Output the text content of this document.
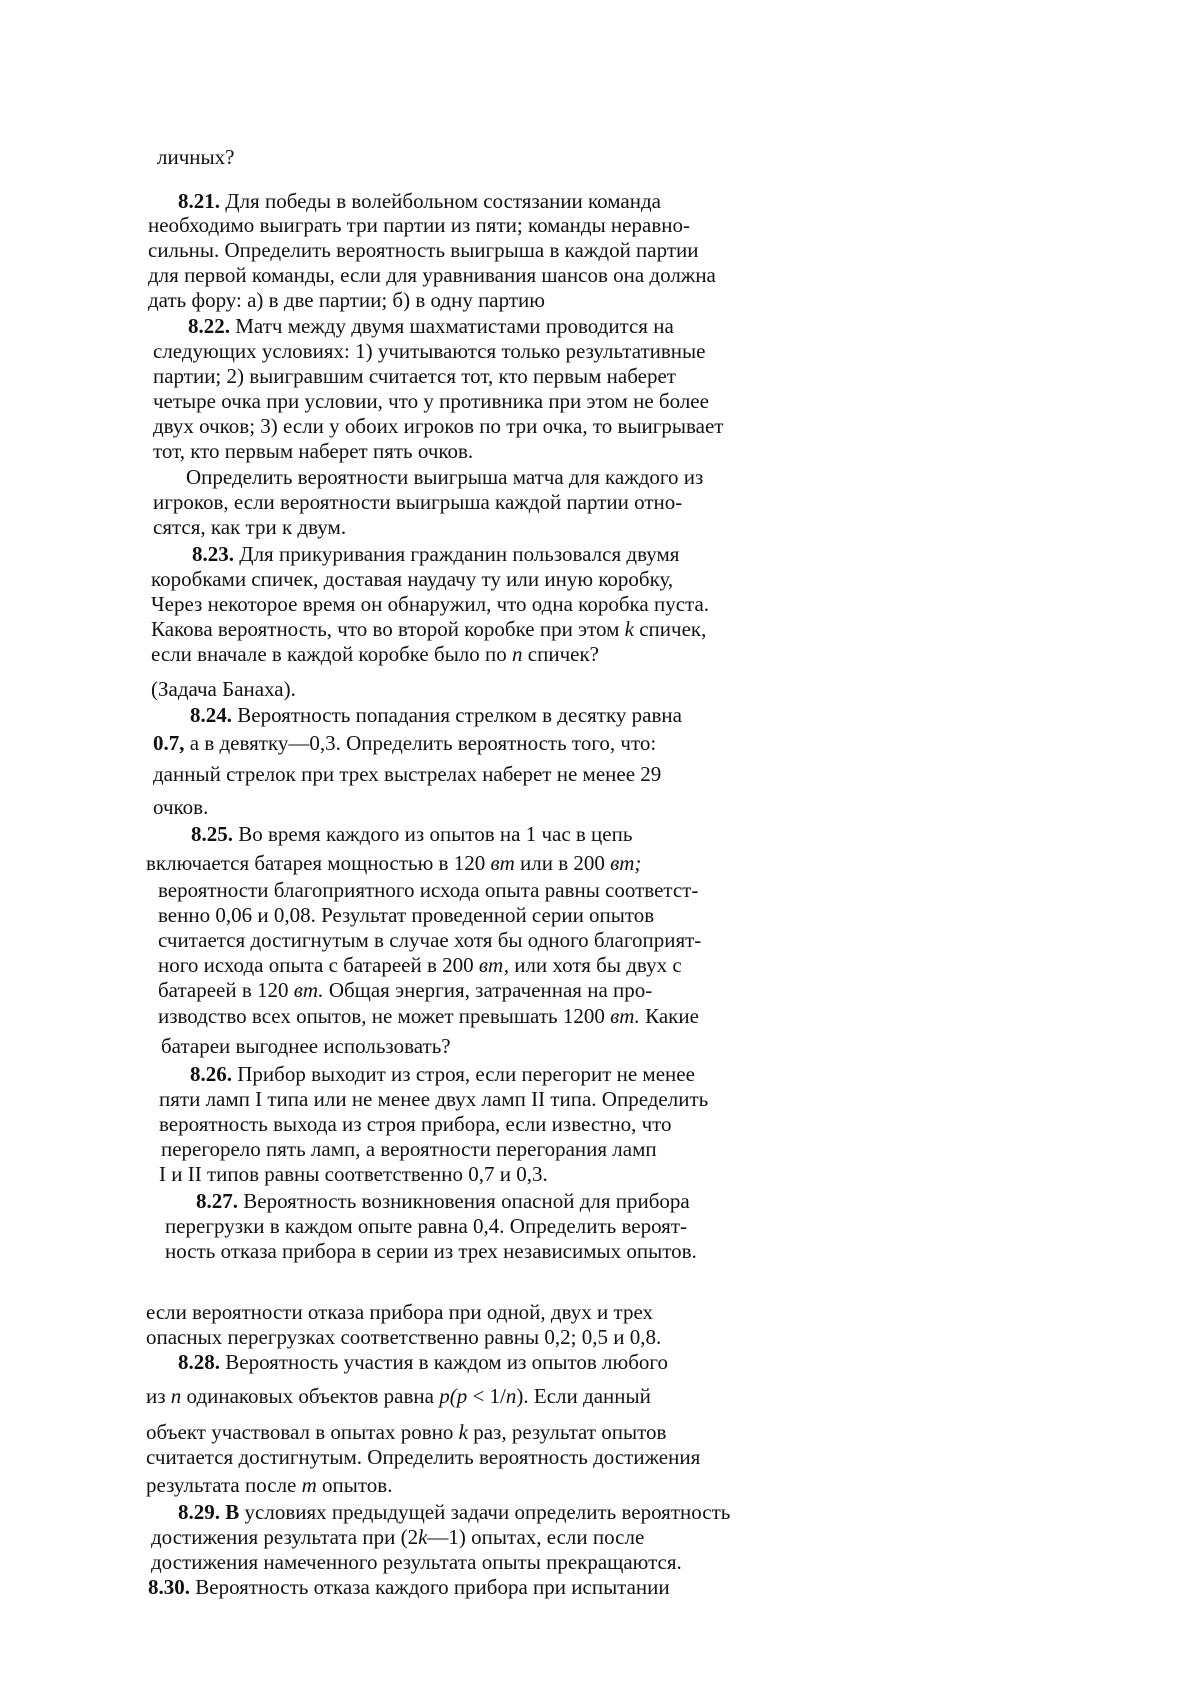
личных?
8.21. Для победы в волейбольном состязании команда
необходимо выиграть три партии из пяти; команды неравно-
сильны. Определить вероятность выигрыша в каждой партии
для первой команды, если для уравнивания шансов она должна
дать фору: а) в две партии; б) в одну партию
8.22. Матч между двумя шахматистами проводится на
следующих условиях: 1) учитываются только результативные
партии; 2) выигравшим считается тот, кто первым наберет
четыре очка при условии, что у противника при этом не более
двух очков; 3) если у обоих игроков по три очка, то выигрывает
тот, кто первым наберет пять очков.
Определить вероятности выигрыша матча для каждого из
игроков, если вероятности выигрыша каждой партии отно-
сятся, как три к двум.
8.23. Для прикуривания гражданин пользовался двумя
коробками спичек, доставая наудачу ту или иную коробку,
Через некоторое время он обнаружил, что одна коробка пуста.
Какова вероятность, что во второй коробке при этом k спичек,
если вначале в каждой коробке было по n спичек?
(Задача Банаха).
8.24. Вероятность попадания стрелком в десятку равна
0.7, а в девятку—0,3. Определить вероятность того, что:
данный стрелок при трех выстрелах наберет не менее 29
очков.
8.25. Во время каждого из опытов на 1 час в цепь
включается батарея мощностью в 120 вт или в 200 вт;
вероятности благоприятного исхода опыта равны соответст-
венно 0,06 и 0,08. Результат проведенной серии опытов
считается достигнутым в случае хотя бы одного благоприят-
ного исхода опыта с батареей в 200 вт, или хотя бы двух с
батареей в 120 вт. Общая энергия, затраченная на про-
изводство всех опытов, не может превышать 1200 вт. Какие
батареи выгоднее использовать?
8.26. Прибор выходит из строя, если перегорит не менее
пяти ламп I типа или не менее двух ламп II типа. Определить
вероятность выхода из строя прибора, если известно, что
перегорело пять ламп, а вероятности перегорания ламп
I и II типов равны соответственно 0,7 и 0,3.
8.27. Вероятность возникновения опасной для прибора
перегрузки в каждом опыте равна 0,4. Определить вероят-
ность отказа прибора в серии из трех независимых опытов.
если вероятности отказа прибора при одной, двух и трех
опасных перегрузках соответственно равны 0,2; 0,5 и 0,8.
8.28. Вероятность участия в каждом из опытов любого
из n одинаковых объектов равна p(p < 1/n). Если данный
объект участвовал в опытах ровно k раз, результат опытов
считается достигнутым. Определить вероятность достижения
результата после m опытов.
8.29. В условиях предыдущей задачи определить вероятность
достижения результата при (2k—1) опытах, если после
достижения намеченного результата опыты прекращаются.
8.30. Вероятность отказа каждого прибора при испытании
